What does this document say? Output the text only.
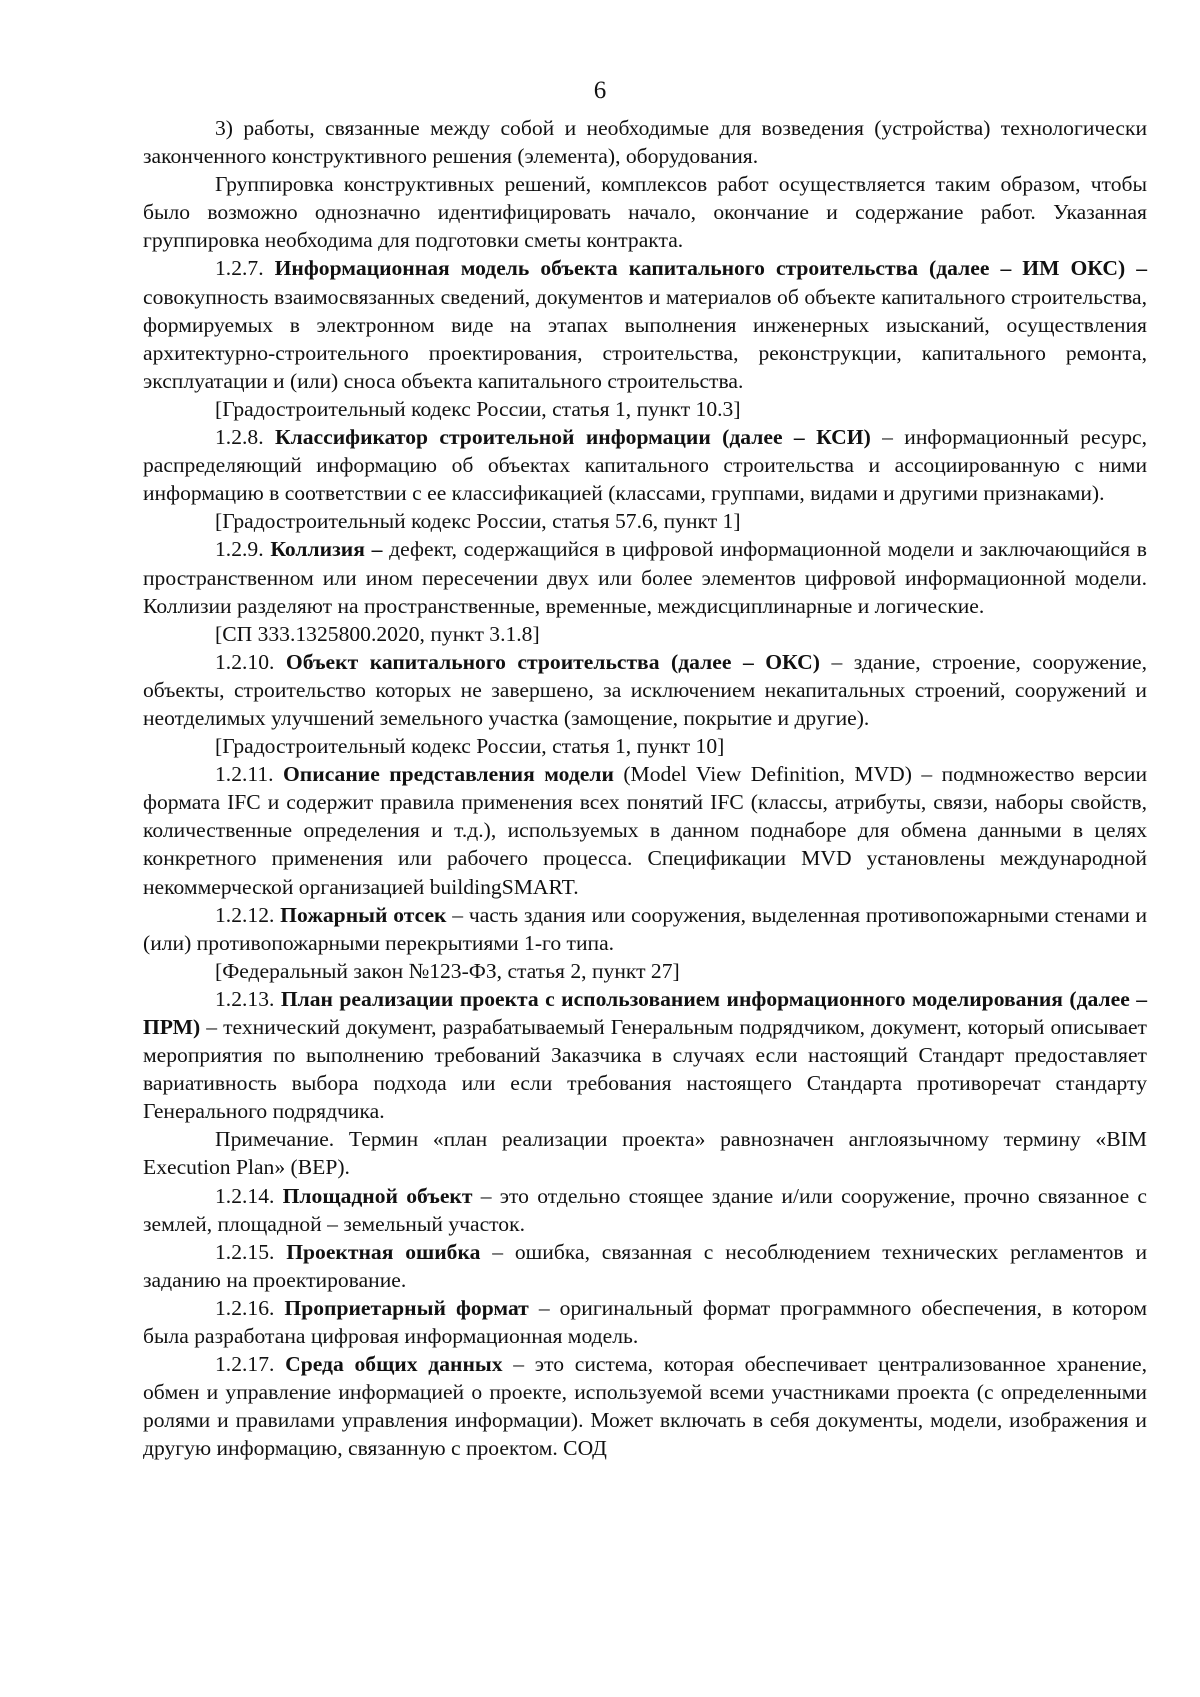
6

3) работы, связанные между собой и необходимые для возведения (устройства) технологически законченного конструктивного решения (элемента), оборудования.

Группировка конструктивных решений, комплексов работ осуществляется таким образом, чтобы было возможно однозначно идентифицировать начало, окончание и содержание работ. Указанная группировка необходима для подготовки сметы контракта.

1.2.7. Информационная модель объекта капитального строительства (далее – ИМ ОКС) – совокупность взаимосвязанных сведений, документов и материалов об объекте капитального строительства, формируемых в электронном виде на этапах выполнения инженерных изысканий, осуществления архитектурно-строительного проектирования, строительства, реконструкции, капитального ремонта, эксплуатации и (или) сноса объекта капитального строительства.

[Градостроительный кодекс России, статья 1, пункт 10.3]

1.2.8. Классификатор строительной информации (далее – КСИ) – информационный ресурс, распределяющий информацию об объектах капитального строительства и ассоциированную с ними информацию в соответствии с ее классификацией (классами, группами, видами и другими признаками).

[Градостроительный кодекс России, статья 57.6, пункт 1]

1.2.9. Коллизия – дефект, содержащийся в цифровой информационной модели и заключающийся в пространственном или ином пересечении двух или более элементов цифровой информационной модели. Коллизии разделяют на пространственные, временные, междисциплинарные и логические.

[СП 333.1325800.2020, пункт 3.1.8]

1.2.10. Объект капитального строительства (далее – ОКС) – здание, строение, сооружение, объекты, строительство которых не завершено, за исключением некапитальных строений, сооружений и неотделимых улучшений земельного участка (замощение, покрытие и другие).

[Градостроительный кодекс России, статья 1, пункт 10]

1.2.11. Описание представления модели (Model View Definition, MVD) – подмножество версии формата IFC и содержит правила применения всех понятий IFC (классы, атрибуты, связи, наборы свойств, количественные определения и т.д.), используемых в данном поднаборе для обмена данными в целях конкретного применения или рабочего процесса. Спецификации MVD установлены международной некоммерческой организацией buildingSMART.

1.2.12. Пожарный отсек – часть здания или сооружения, выделенная противопожарными стенами и (или) противопожарными перекрытиями 1-го типа.

[Федеральный закон №123-ФЗ, статья 2, пункт 27]

1.2.13. План реализации проекта с использованием информационного моделирования (далее – ПРМ) – технический документ, разрабатываемый Генеральным подрядчиком, документ, который описывает мероприятия по выполнению требований Заказчика в случаях если настоящий Стандарт предоставляет вариативность выбора подхода или если требования настоящего Стандарта противоречат стандарту Генерального подрядчика.

Примечание. Термин «план реализации проекта» равнозначен англоязычному термину «BIM Execution Plan» (BEP).

1.2.14. Площадной объект – это отдельно стоящее здание и/или сооружение, прочно связанное с землей, площадной – земельный участок.

1.2.15. Проектная ошибка – ошибка, связанная с несоблюдением технических регламентов и заданию на проектирование.

1.2.16. Проприетарный формат – оригинальный формат программного обеспечения, в котором была разработана цифровая информационная модель.

1.2.17. Среда общих данных – это система, которая обеспечивает централизованное хранение, обмен и управление информацией о проекте, используемой всеми участниками проекта (с определенными ролями и правилами управления информации). Может включать в себя документы, модели, изображения и другую информацию, связанную с проектом. СОД
